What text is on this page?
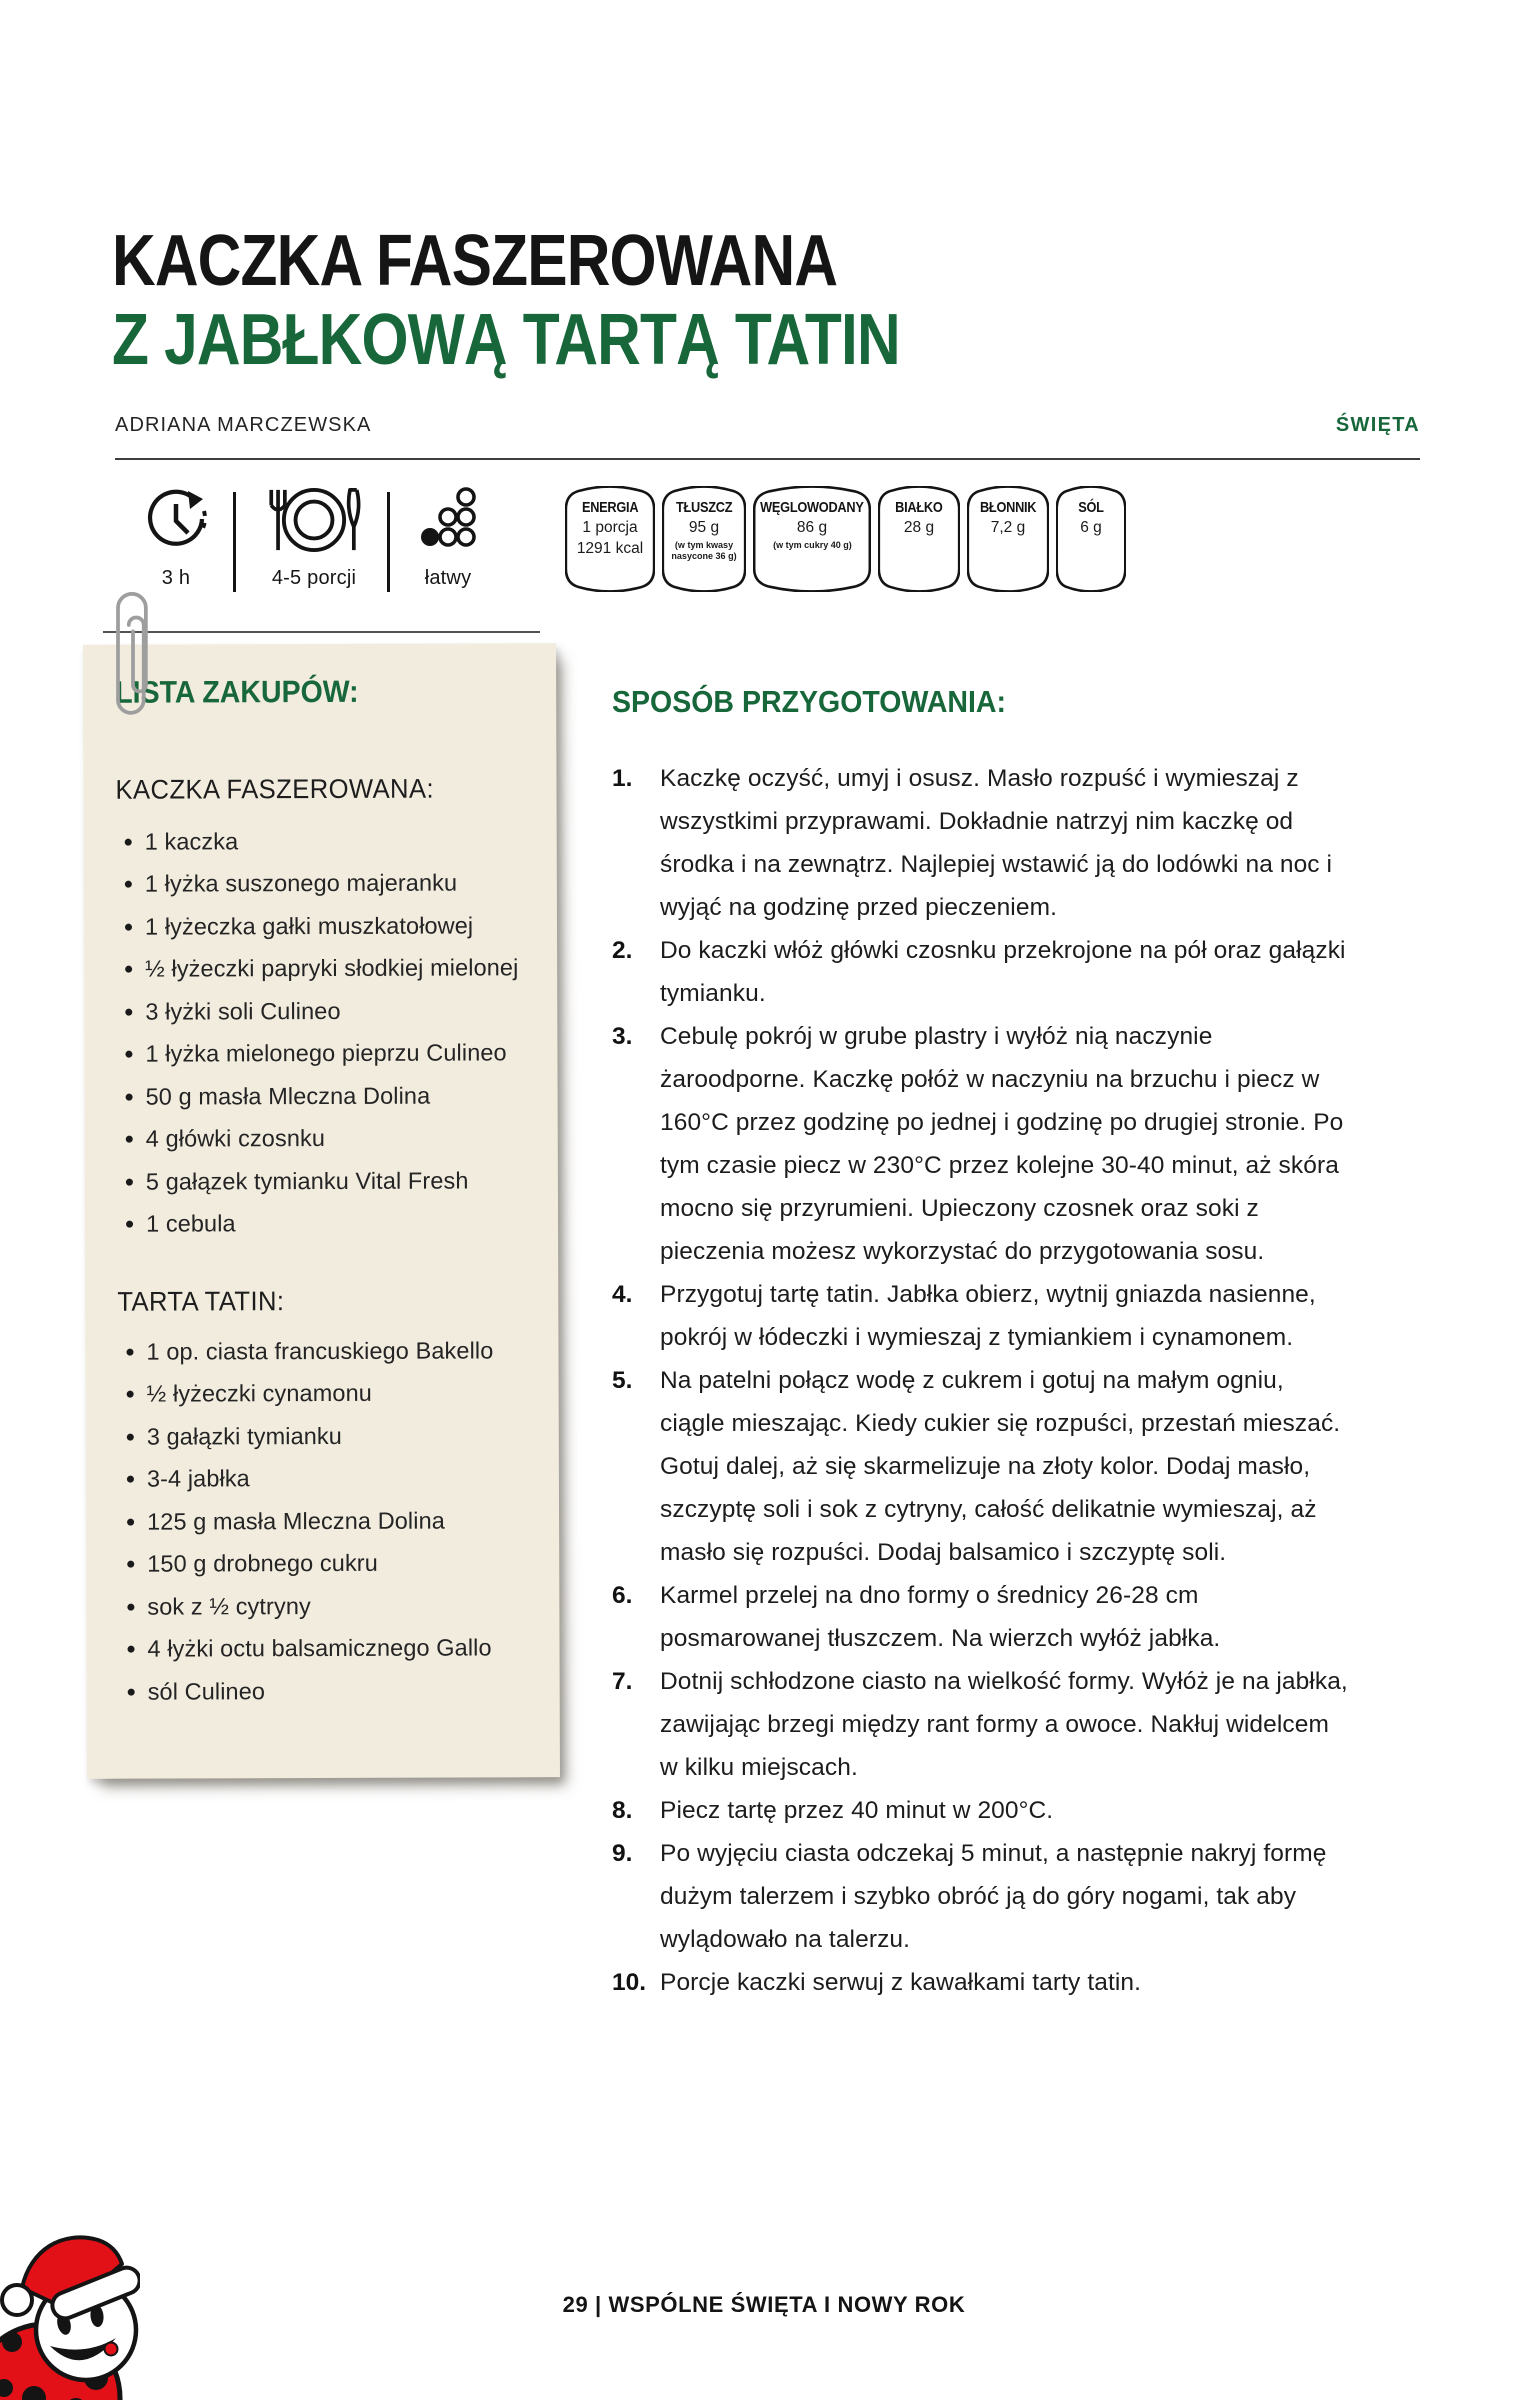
KACZKA FASZEROWANA
Z JABŁKOWĄ TARTĄ TATIN
ADRIANA MARCZEWSKA	ŚWIĘTA
3 h	4-5 porcji	łatwy
ENERGIA
1 porcja
1291 kcal
TŁUSZCZ
95 g
(w tym kwasy nasycone 36 g)
WĘGLOWODANY
86 g
(w tym cukry 40 g)
BIAŁKO
28 g
BŁONNIK
7,2 g
SÓL
6 g
LISTA ZAKUPÓW:
KACZKA FASZEROWANA:
1 kaczka
1 łyżka suszonego majeranku
1 łyżeczka gałki muszkatołowej
½ łyżeczki papryki słodkiej mielonej
3 łyżki soli Culineo
1 łyżka mielonego pieprzu Culineo
50 g masła Mleczna Dolina
4 główki czosnku
5 gałązek tymianku Vital Fresh
1 cebula
TARTA TATIN:
1 op. ciasta francuskiego Bakello
½ łyżeczki cynamonu
3 gałązki tymianku
3-4 jabłka
125 g masła Mleczna Dolina
150 g drobnego cukru
sok z ½ cytryny
4 łyżki octu balsamicznego Gallo
sól Culineo
SPOSÓB PRZYGOTOWANIA:
1.	Kaczkę oczyść, umyj i osusz. Masło rozpuść i wymieszaj z wszystkimi przyprawami. Dokładnie natrzyj nim kaczkę od środka i na zewnątrz. Najlepiej wstawić ją do lodówki na noc i wyjąć na godzinę przed pieczeniem.
2.	Do kaczki włóż główki czosnku przekrojone na pół oraz gałązki tymianku.
3.	Cebulę pokrój w grube plastry i wyłóż nią naczynie żaroodporne. Kaczkę połóż w naczyniu na brzuchu i piecz w 160°C przez godzinę po jednej i godzinę po drugiej stronie. Po tym czasie piecz w 230°C przez kolejne 30-40 minut, aż skóra mocno się przyrumieni. Upieczony czosnek oraz soki z pieczenia możesz wykorzystać do przygotowania sosu.
4.	Przygotuj tartę tatin. Jabłka obierz, wytnij gniazda nasienne, pokrój w łódeczki i wymieszaj z tymiankiem i cynamonem.
5.	Na patelni połącz wodę z cukrem i gotuj na małym ogniu, ciągle mieszając. Kiedy cukier się rozpuści, przestań mieszać. Gotuj dalej, aż się skarmelizuje na złoty kolor. Dodaj masło, szczyptę soli i sok z cytryny, całość delikatnie wymieszaj, aż masło się rozpuści. Dodaj balsamico i szczyptę soli.
6.	Karmel przelej na dno formy o średnicy 26-28 cm posmarowanej tłuszczem. Na wierzch wyłóż jabłka.
7.	Dotnij schłodzone ciasto na wielkość formy. Wyłóż je na jabłka, zawijając brzegi między rant formy a owoce. Nakłuj widelcem w kilku miejscach.
8.	Piecz tartę przez 40 minut w 200°C.
9.	Po wyjęciu ciasta odczekaj 5 minut, a następnie nakryj formę dużym talerzem i szybko obróć ją do góry nogami, tak aby wylądowało na talerzu.
10. Porcje kaczki serwuj z kawałkami tarty tatin.
29 | WSPÓLNE ŚWIĘTA I NOWY ROK
